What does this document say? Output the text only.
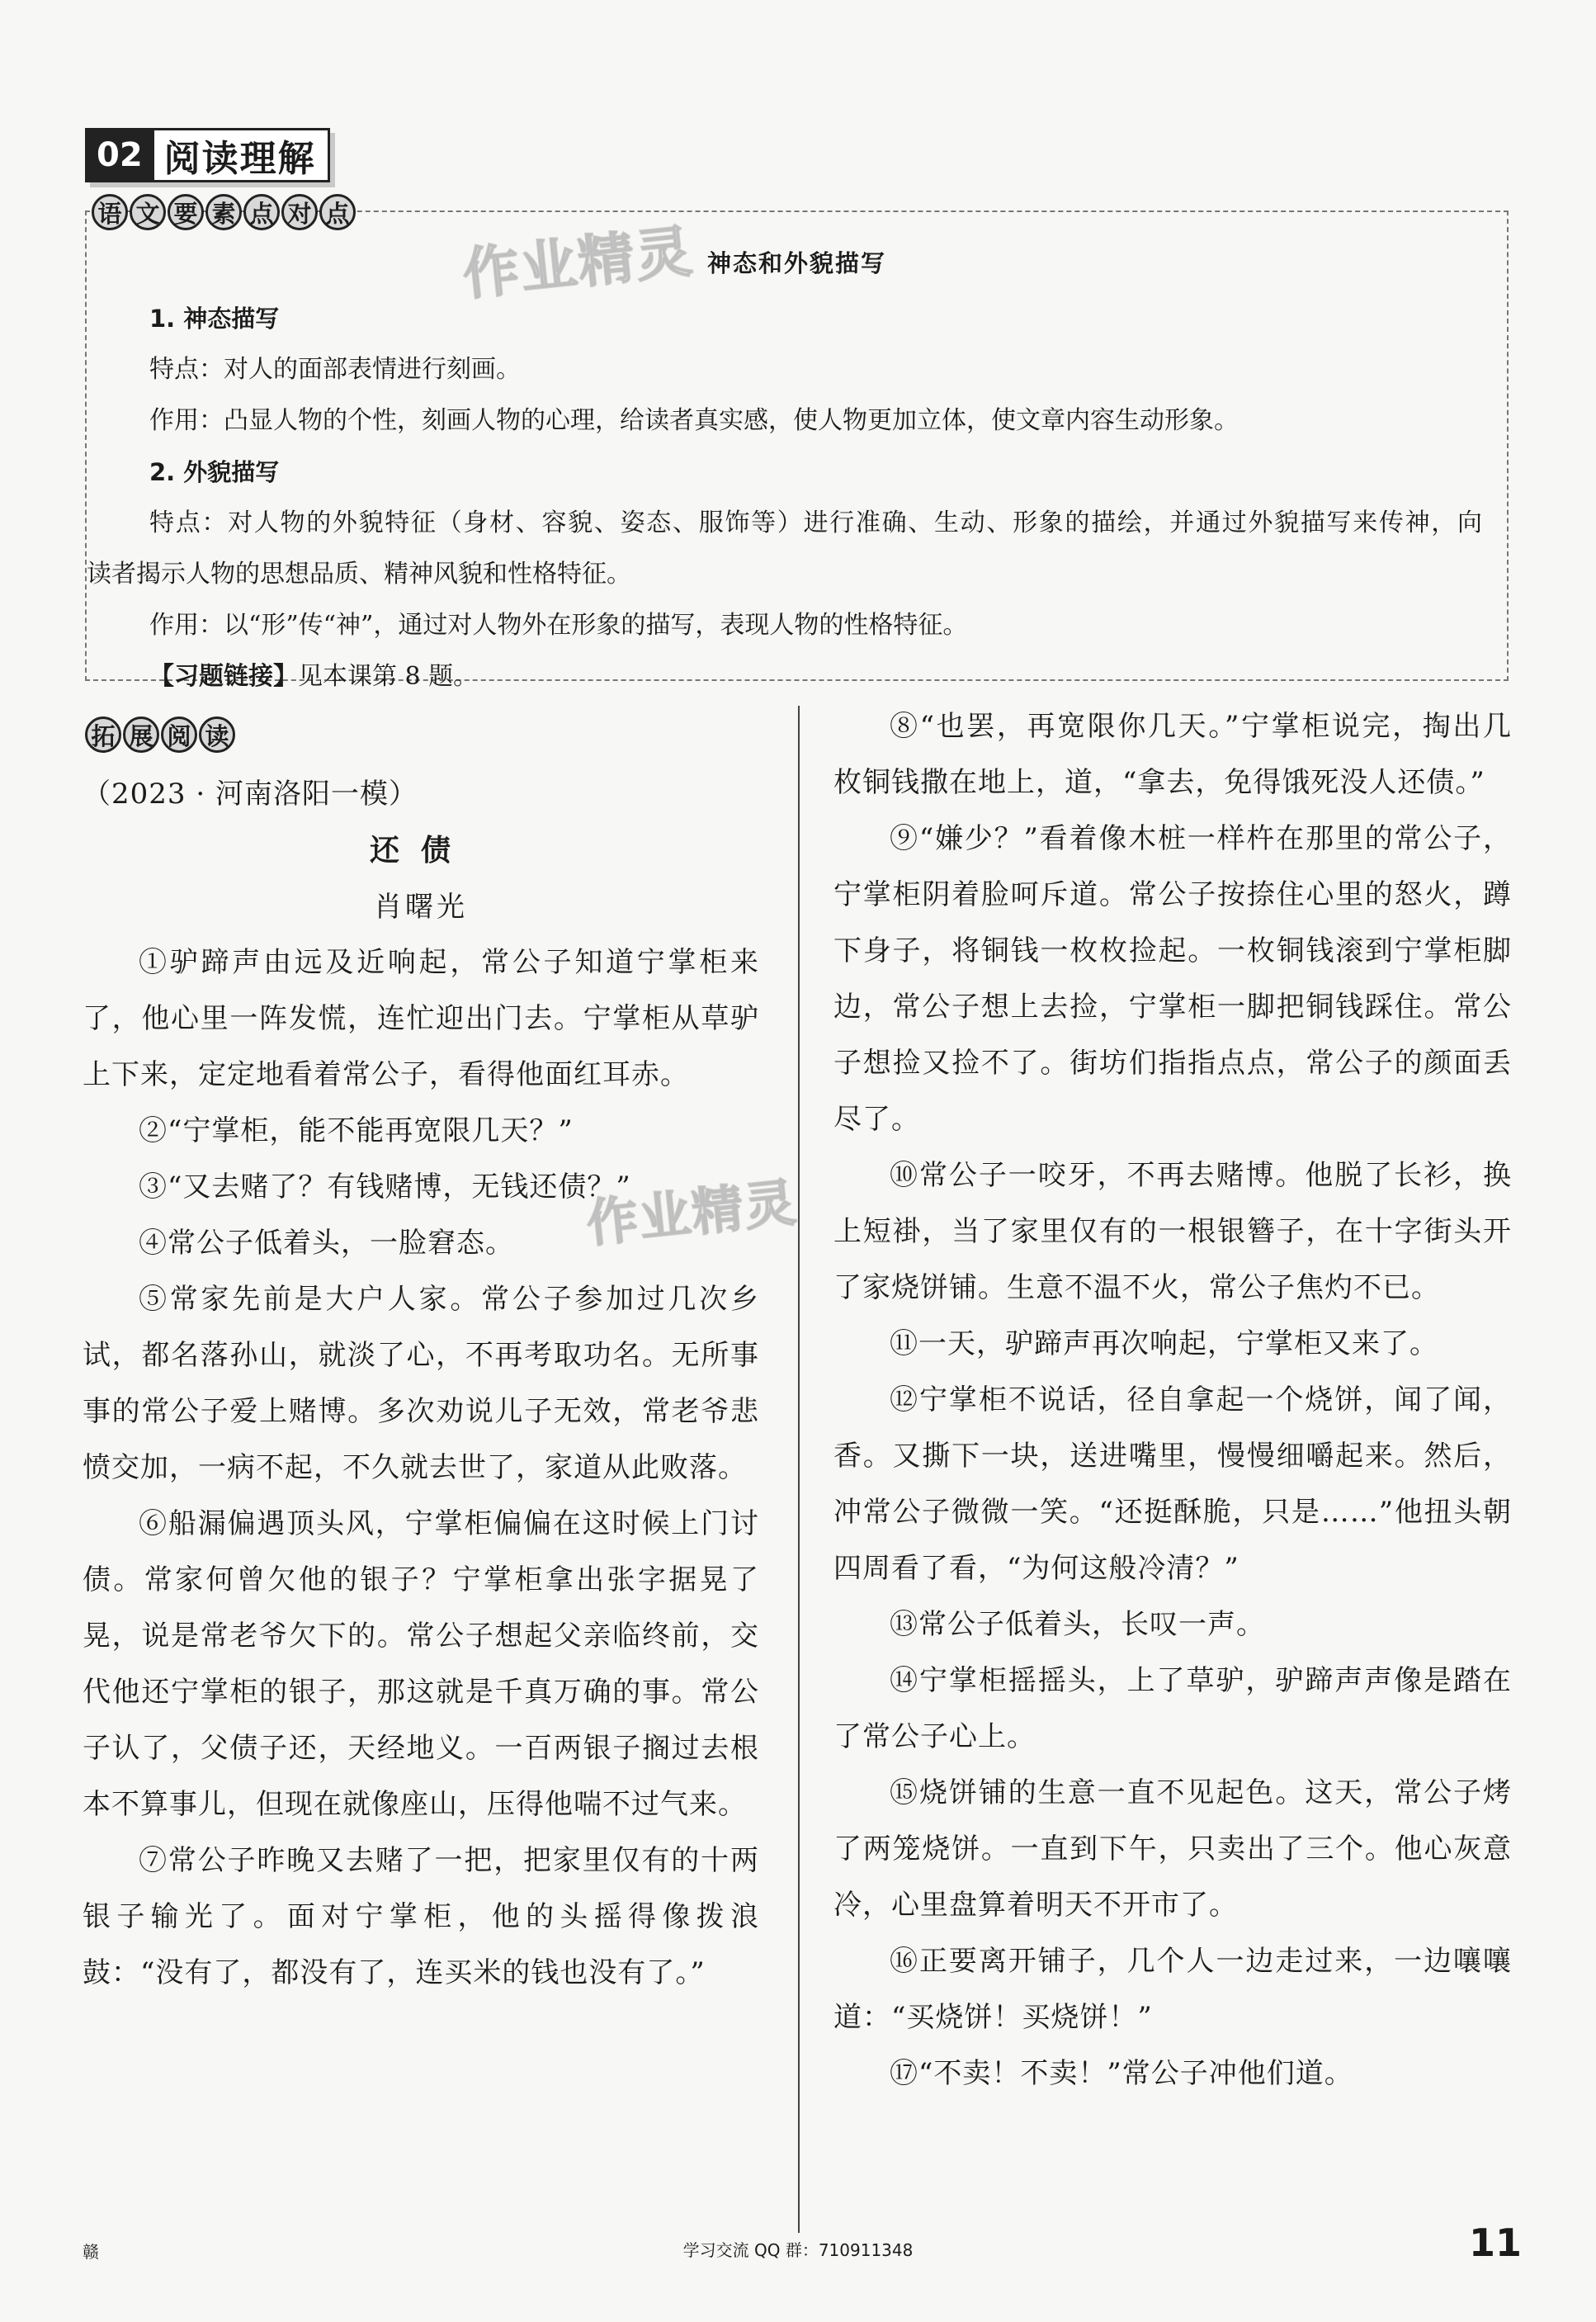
02 阅读理解
语 文 要 素 点 对 点
神态和外貌描写
1. 神态描写
特点：对人的面部表情进行刻画。
作用：凸显人物的个性，刻画人物的心理，给读者真实感，使人物更加立体，使文章内容生动形象。
2. 外貌描写
特点：对人物的外貌特征（身材、容貌、姿态、服饰等）进行准确、生动、形象的描绘，并通过外貌描写来传神，向
读者揭示人物的思想品质、精神风貌和性格特征。
作用：以“形”传“神”，通过对人物外在形象的描写，表现人物的性格特征。
【习题链接】见本课第 8 题。
作业精灵
作业精灵
拓 展 阅 读
（2023 · 河南洛阳一模）
还债
肖曙光
①驴蹄声由远及近响起，常公子知道宁掌柜来了，他心里一阵发慌，连忙迎出门去。宁掌柜从草驴上下来，定定地看着常公子，看得他面红耳赤。
②“宁掌柜，能不能再宽限几天？”
③“又去赌了？有钱赌博，无钱还债？”
④常公子低着头，一脸窘态。
⑤常家先前是大户人家。常公子参加过几次乡试，都名落孙山，就淡了心，不再考取功名。无所事事的常公子爱上赌博。多次劝说儿子无效，常老爷悲愤交加，一病不起，不久就去世了，家道从此败落。
⑥船漏偏遇顶头风，宁掌柜偏偏在这时候上门讨债。常家何曾欠他的银子？宁掌柜拿出张字据晃了晃，说是常老爷欠下的。常公子想起父亲临终前，交代他还宁掌柜的银子，那这就是千真万确的事。常公子认了，父债子还，天经地义。一百两银子搁过去根本不算事儿，但现在就像座山，压得他喘不过气来。
⑦常公子昨晚又去赌了一把，把家里仅有的十两银子输光了。面对宁掌柜，他的头摇得像拨浪鼓：“没有了，都没有了，连买米的钱也没有了。”
⑧“也罢，再宽限你几天。”宁掌柜说完，掏出几枚铜钱撒在地上，道，“拿去，免得饿死没人还债。”
⑨“嫌少？”看着像木桩一样杵在那里的常公子，宁掌柜阴着脸呵斥道。常公子按捺住心里的怒火，蹲下身子，将铜钱一枚枚捡起。一枚铜钱滚到宁掌柜脚边，常公子想上去捡，宁掌柜一脚把铜钱踩住。常公子想捡又捡不了。街坊们指指点点，常公子的颜面丢尽了。
⑩常公子一咬牙，不再去赌博。他脱了长衫，换上短褂，当了家里仅有的一根银簪子，在十字街头开了家烧饼铺。生意不温不火，常公子焦灼不已。
⑪一天，驴蹄声再次响起，宁掌柜又来了。
⑫宁掌柜不说话，径自拿起一个烧饼，闻了闻，香。又撕下一块，送进嘴里，慢慢细嚼起来。然后，冲常公子微微一笑。“还挺酥脆，只是……”他扭头朝四周看了看，“为何这般冷清？”
⑬常公子低着头，长叹一声。
⑭宁掌柜摇摇头，上了草驴，驴蹄声声像是踏在了常公子心上。
⑮烧饼铺的生意一直不见起色。这天，常公子烤了两笼烧饼。一直到下午，只卖出了三个。他心灰意冷，心里盘算着明天不开市了。
⑯正要离开铺子，几个人一边走过来，一边嚷嚷道：“买烧饼！买烧饼！”
⑰“不卖！不卖！”常公子冲他们道。
赣	学习交流 QQ 群：710911348	11
